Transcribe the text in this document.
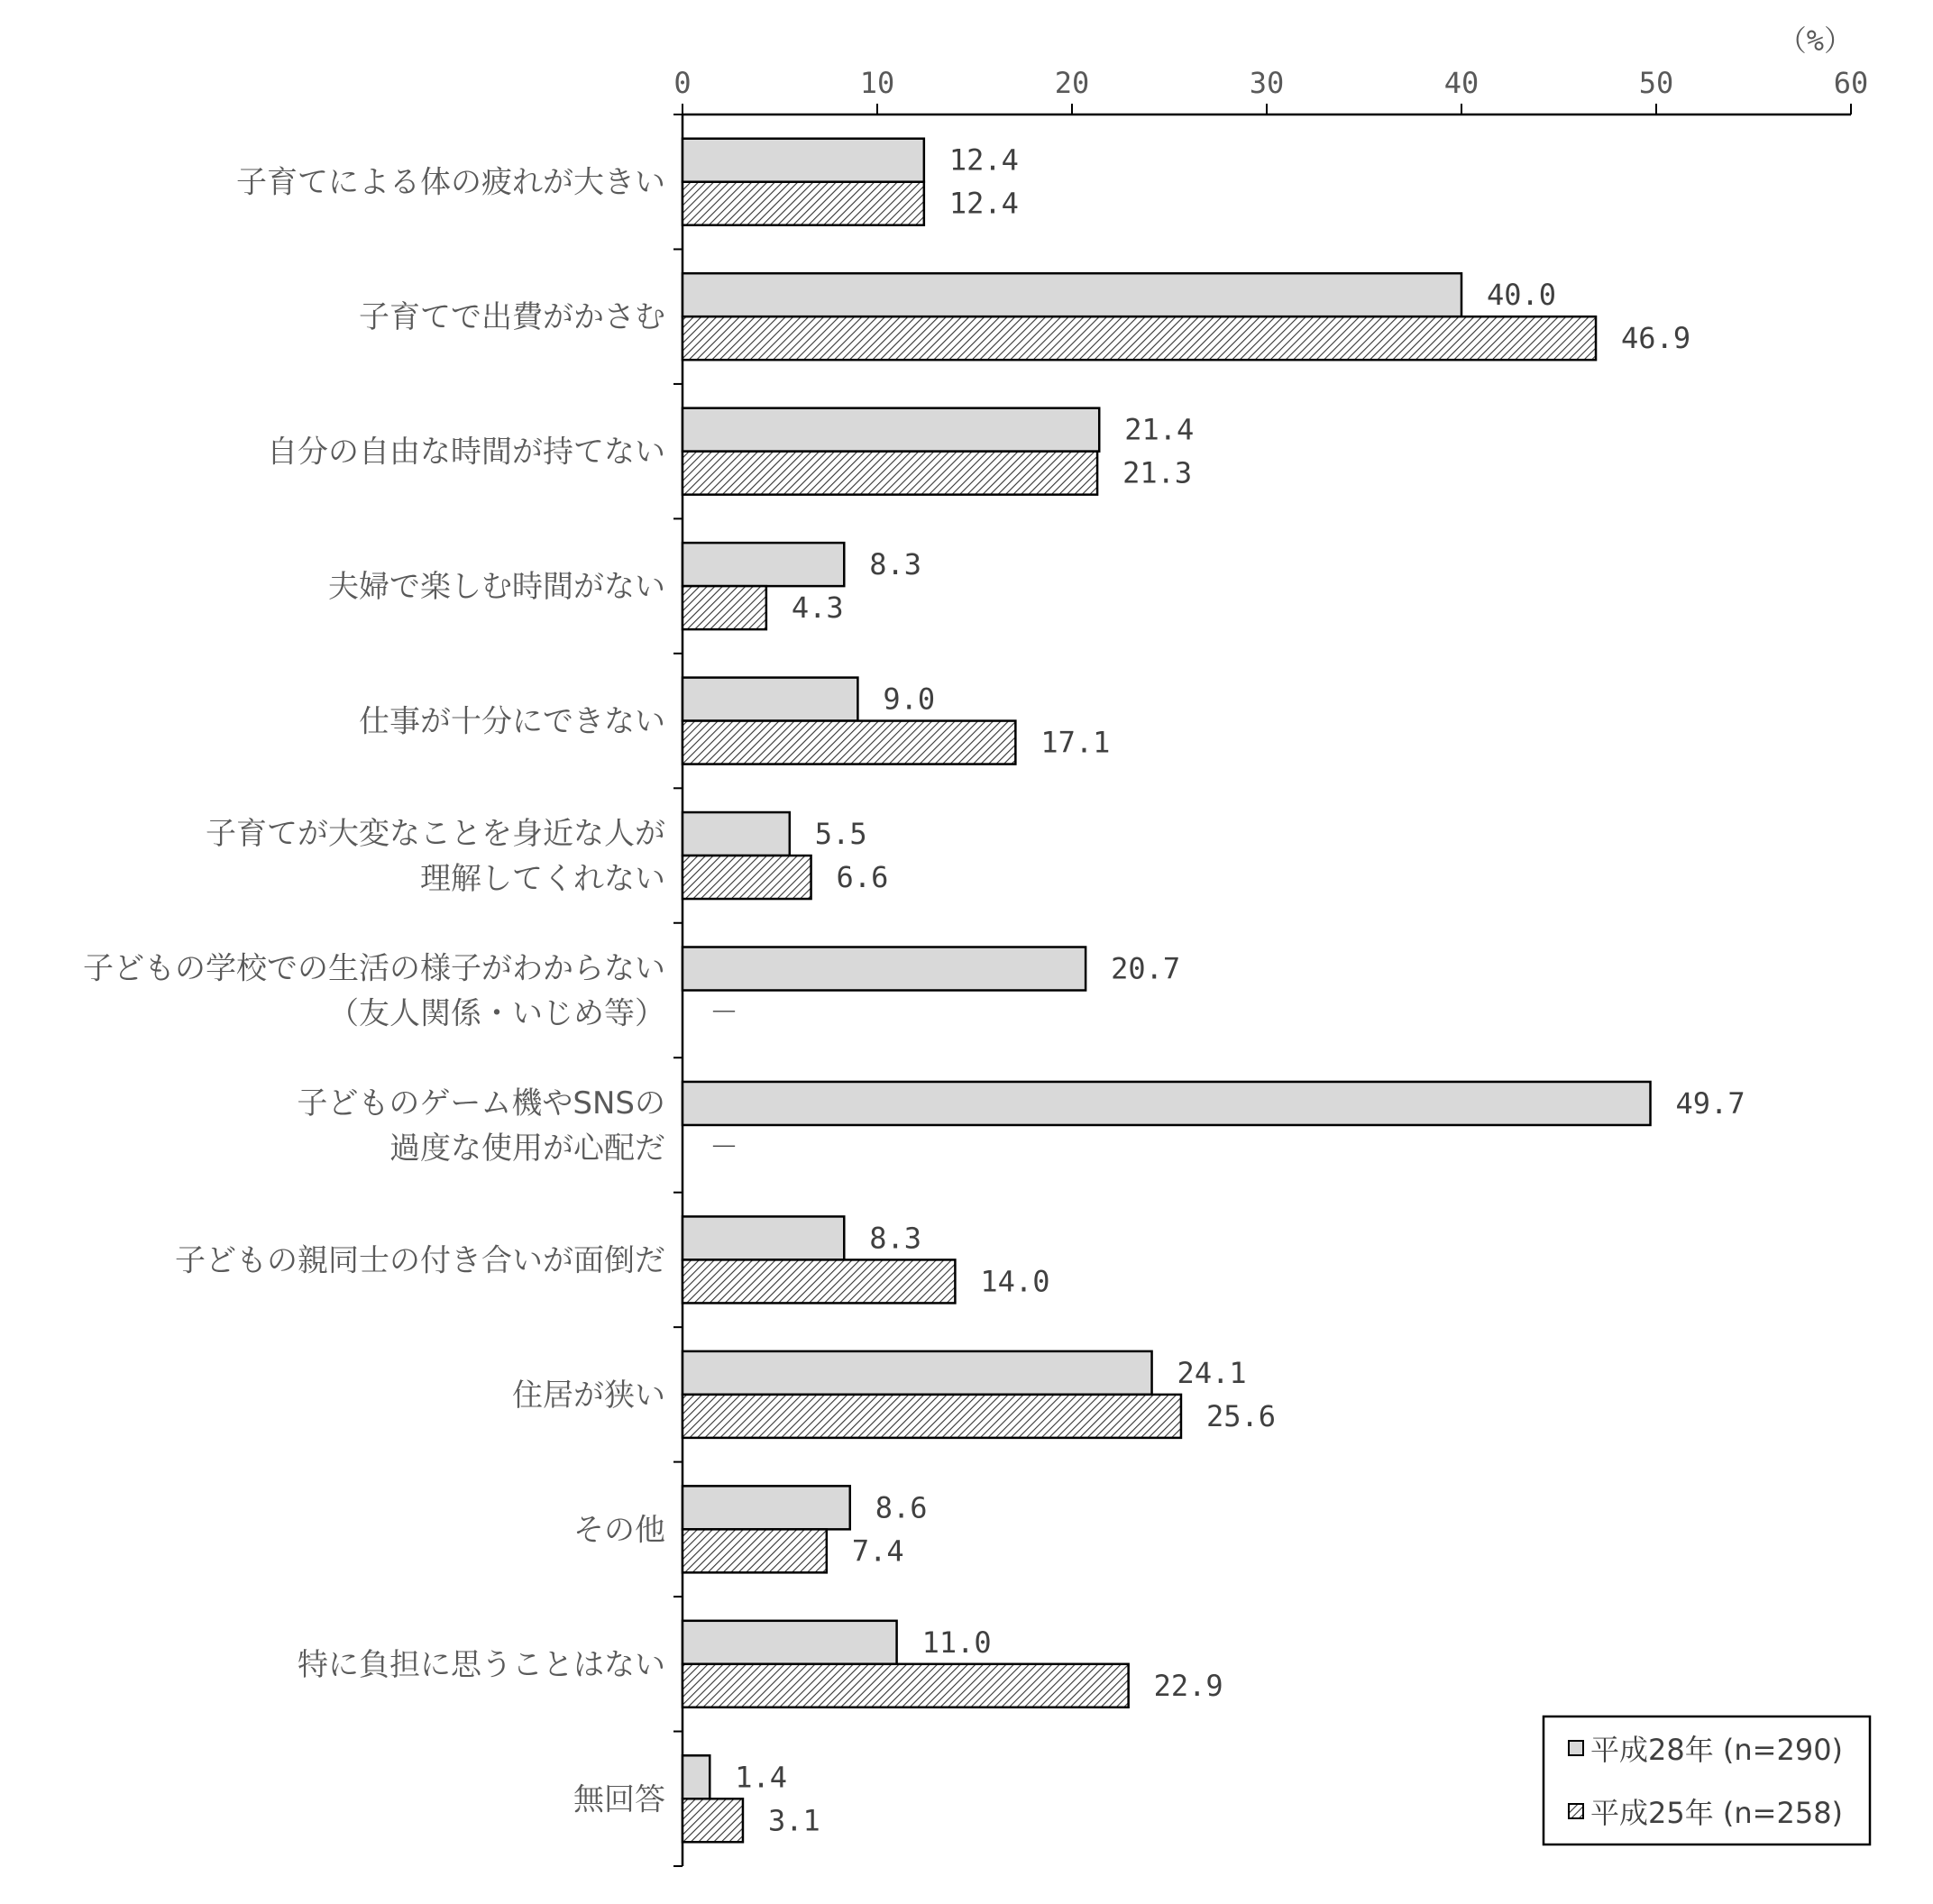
0	10	20	30	40	50	60
（%）
子育てによる体の疲れが大きい
12.4
12.4
子育てで出費がかさむ
40.0
46.9
自分の自由な時間が持てない
21.4
21.3
夫婦で楽しむ時間がない
8.3
4.3
仕事が十分にできない
9.0
17.1
子育てが大変なことを身近な人が
理解してくれない
5.5
6.6
子どもの学校での生活の様子がわからない
（友人関係・いじめ等）
20.7
－
子どものゲーム機やSNSの
過度な使用が心配だ
49.7
－
子どもの親同士の付き合いが面倒だ
8.3
14.0
住居が狭い
24.1
25.6
その他
8.6
7.4
特に負担に思うことはない
11.0
22.9
無回答
1.4
3.1
平成28年 (n=290)
平成25年 (n=258)
